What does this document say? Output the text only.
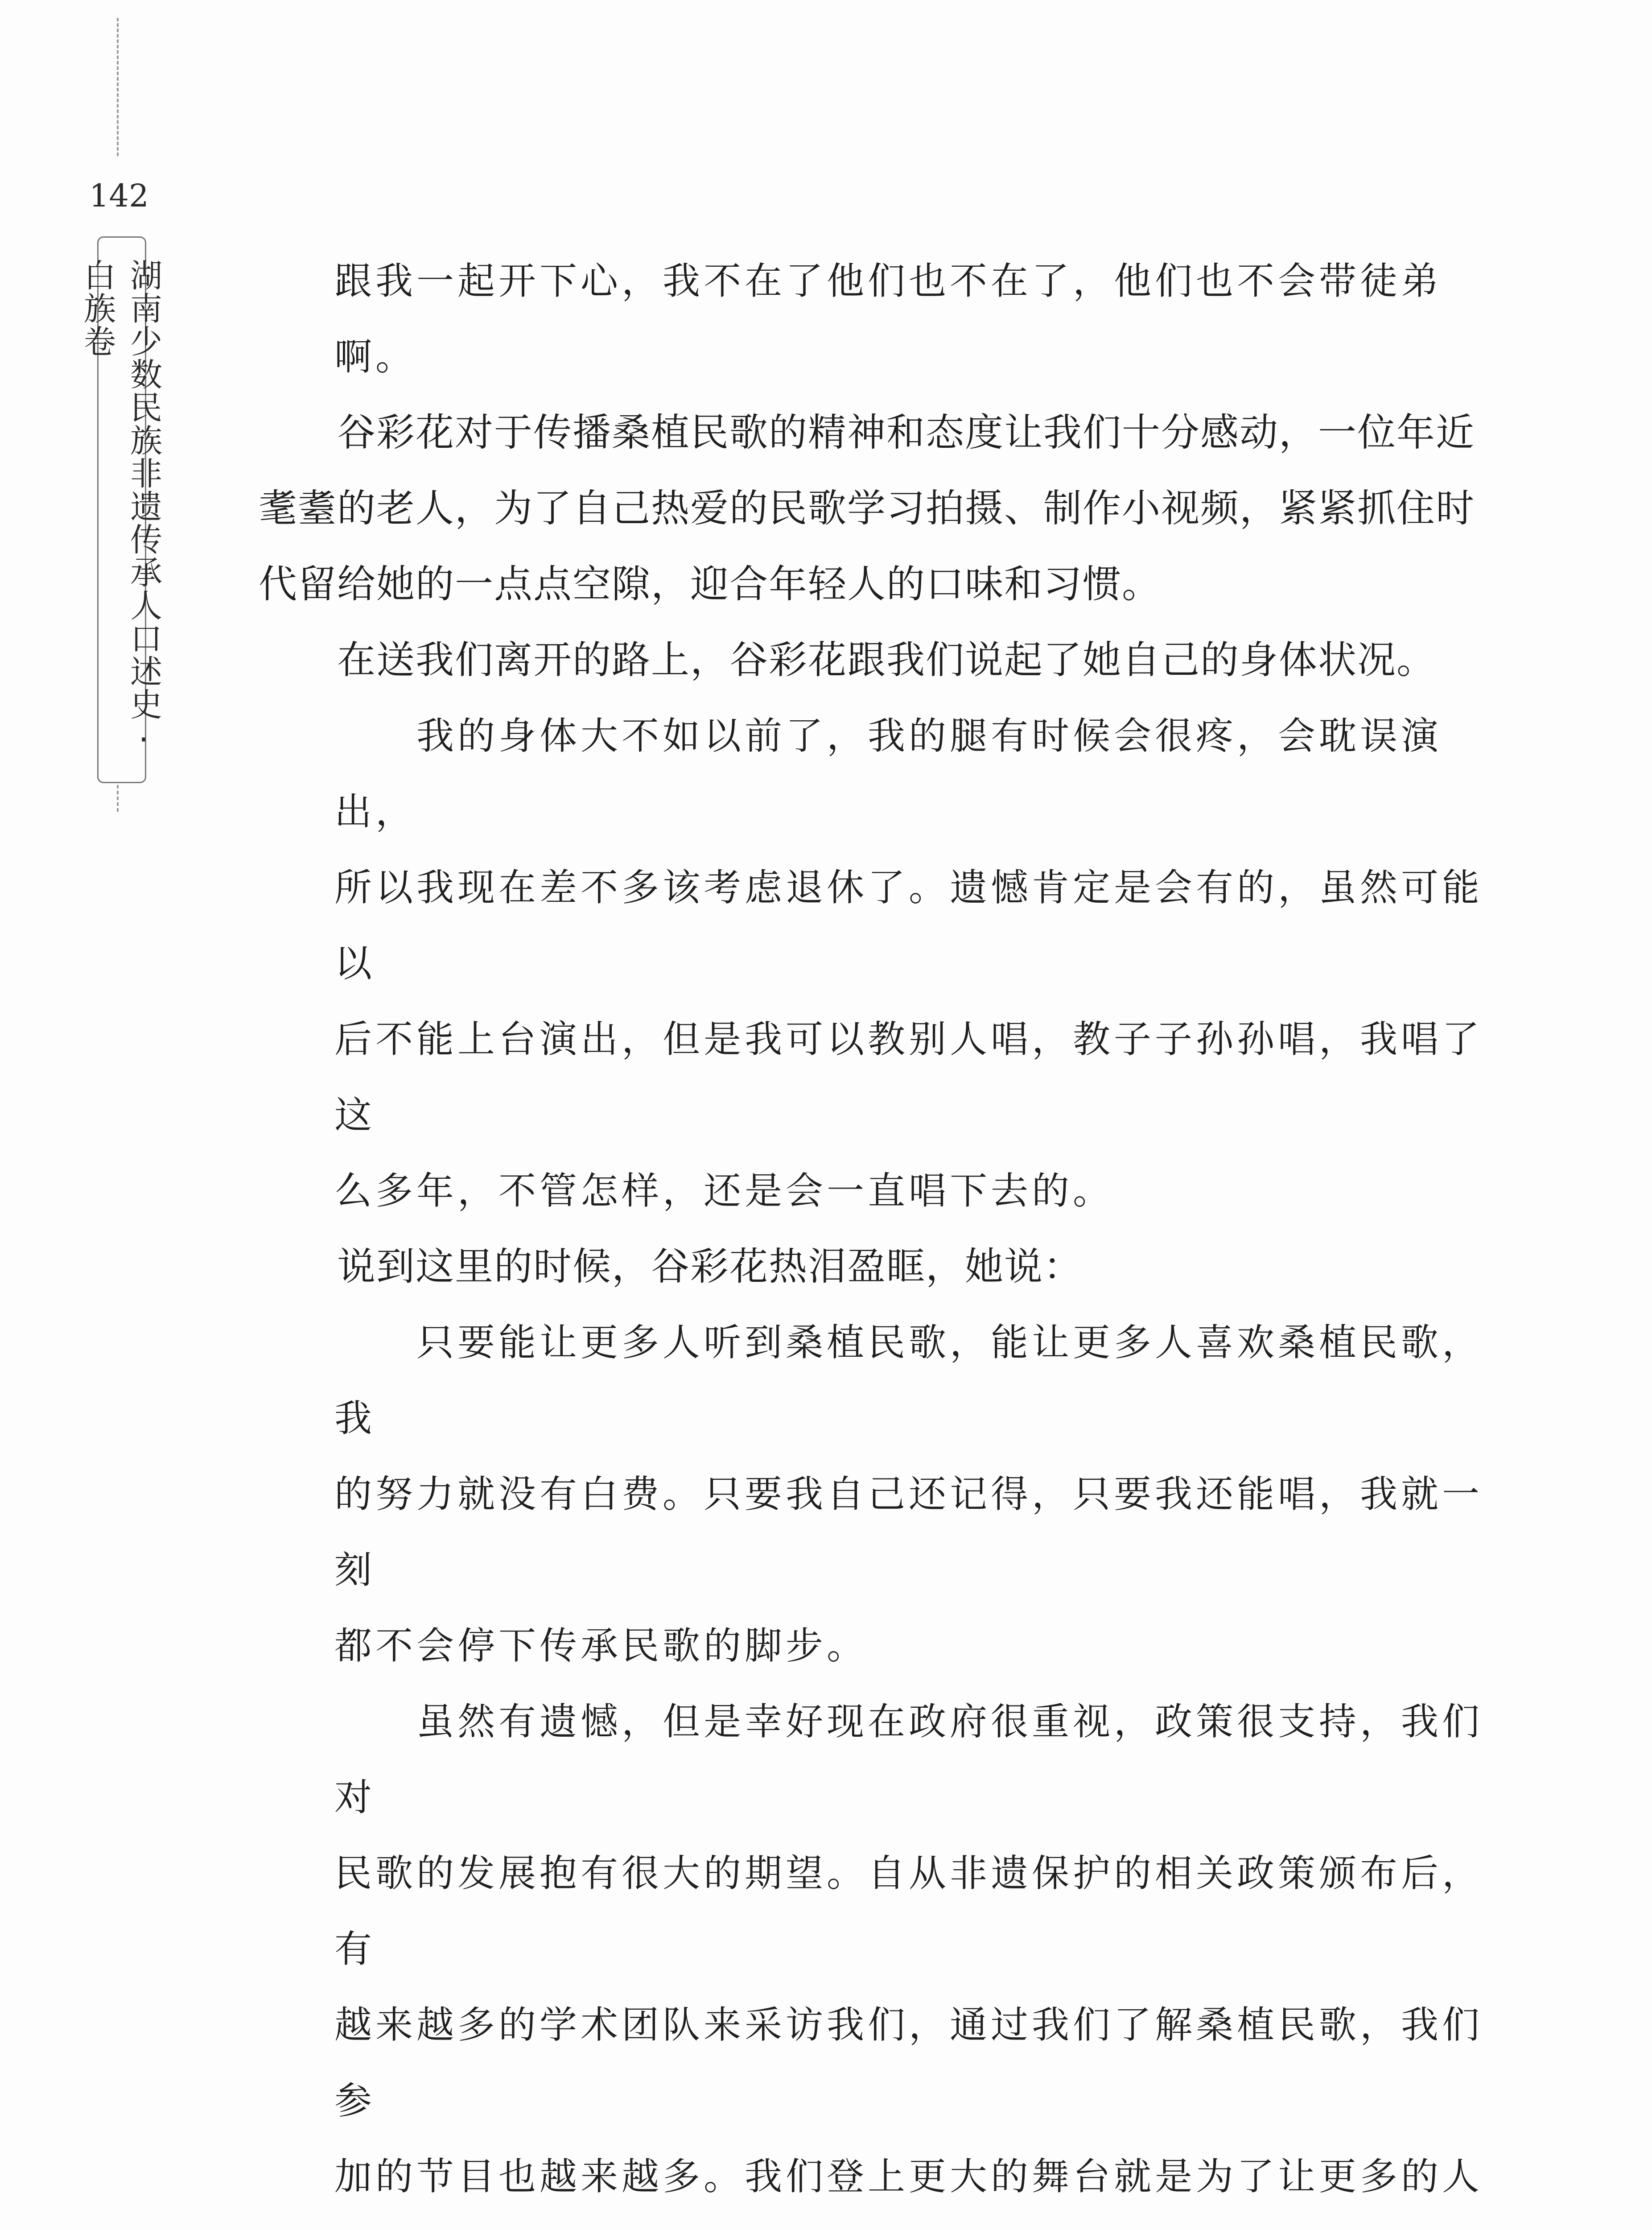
142
湖南少数民族非遗传承人口述史·白族卷	跟我一起开下心，我不在了他们也不在了，他们也不会带徒弟啊。
　　谷彩花对于传播桑植民歌的精神和态度让我们十分感动，一位年近
耄耋的老人，为了自己热爱的民歌学习拍摄、制作小视频，紧紧抓住时
代留给她的一点点空隙，迎合年轻人的口味和习惯。
　　在送我们离开的路上，谷彩花跟我们说起了她自己的身体状况。
　　我的身体大不如以前了，我的腿有时候会很疼，会耽误演出，
所以我现在差不多该考虑退休了。遗憾肯定是会有的，虽然可能以
后不能上台演出，但是我可以教别人唱，教子子孙孙唱，我唱了这
么多年，不管怎样，还是会一直唱下去的。
　　说到这里的时候，谷彩花热泪盈眶，她说：
　　只要能让更多人听到桑植民歌，能让更多人喜欢桑植民歌，我
的努力就没有白费。只要我自己还记得，只要我还能唱，我就一刻
都不会停下传承民歌的脚步。
　　虽然有遗憾，但是幸好现在政府很重视，政策很支持，我们对
民歌的发展抱有很大的期望。自从非遗保护的相关政策颁布后，有
越来越多的学术团队来采访我们，通过我们了解桑植民歌，我们参
加的节目也越来越多。我们登上更大的舞台就是为了让更多的人
